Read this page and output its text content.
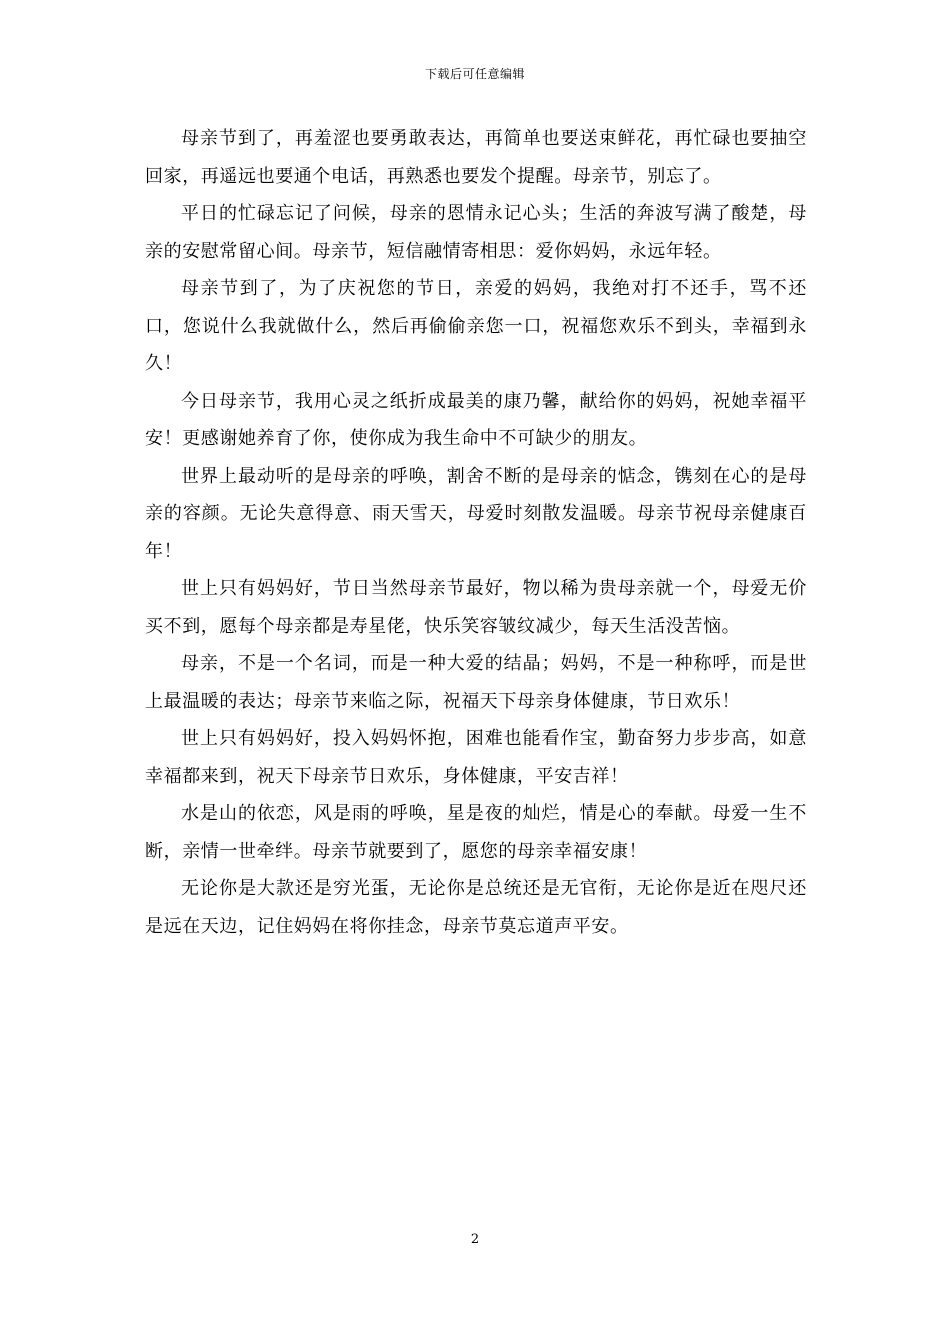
下载后可任意编辑

母亲节到了，再羞涩也要勇敢表达，再简单也要送束鲜花，再忙碌也要抽空回家，再遥远也要通个电话，再熟悉也要发个提醒。母亲节，别忘了。

平日的忙碌忘记了问候，母亲的恩情永记心头；生活的奔波写满了酸楚，母亲的安慰常留心间。母亲节，短信融情寄相思：爱你妈妈，永远年轻。

母亲节到了，为了庆祝您的节日，亲爱的妈妈，我绝对打不还手，骂不还口，您说什么我就做什么，然后再偷偷亲您一口，祝福您欢乐不到头，幸福到永久！

今日母亲节，我用心灵之纸折成最美的康乃馨，献给你的妈妈，祝她幸福平安！更感谢她养育了你，使你成为我生命中不可缺少的朋友。

世界上最动听的是母亲的呼唤，割舍不断的是母亲的惦念，镌刻在心的是母亲的容颜。无论失意得意、雨天雪天，母爱时刻散发温暖。母亲节祝母亲健康百年！

世上只有妈妈好，节日当然母亲节最好，物以稀为贵母亲就一个，母爱无价买不到，愿每个母亲都是寿星佬，快乐笑容皱纹减少，每天生活没苦恼。

母亲，不是一个名词，而是一种大爱的结晶；妈妈，不是一种称呼，而是世上最温暖的表达；母亲节来临之际，祝福天下母亲身体健康，节日欢乐！

世上只有妈妈好，投入妈妈怀抱，困难也能看作宝，勤奋努力步步高，如意幸福都来到，祝天下母亲节日欢乐，身体健康，平安吉祥！

水是山的依恋，风是雨的呼唤，星是夜的灿烂，情是心的奉献。母爱一生不断，亲情一世牵绊。母亲节就要到了，愿您的母亲幸福安康！

无论你是大款还是穷光蛋，无论你是总统还是无官衔，无论你是近在咫尺还是远在天边，记住妈妈在将你挂念，母亲节莫忘道声平安。

2
